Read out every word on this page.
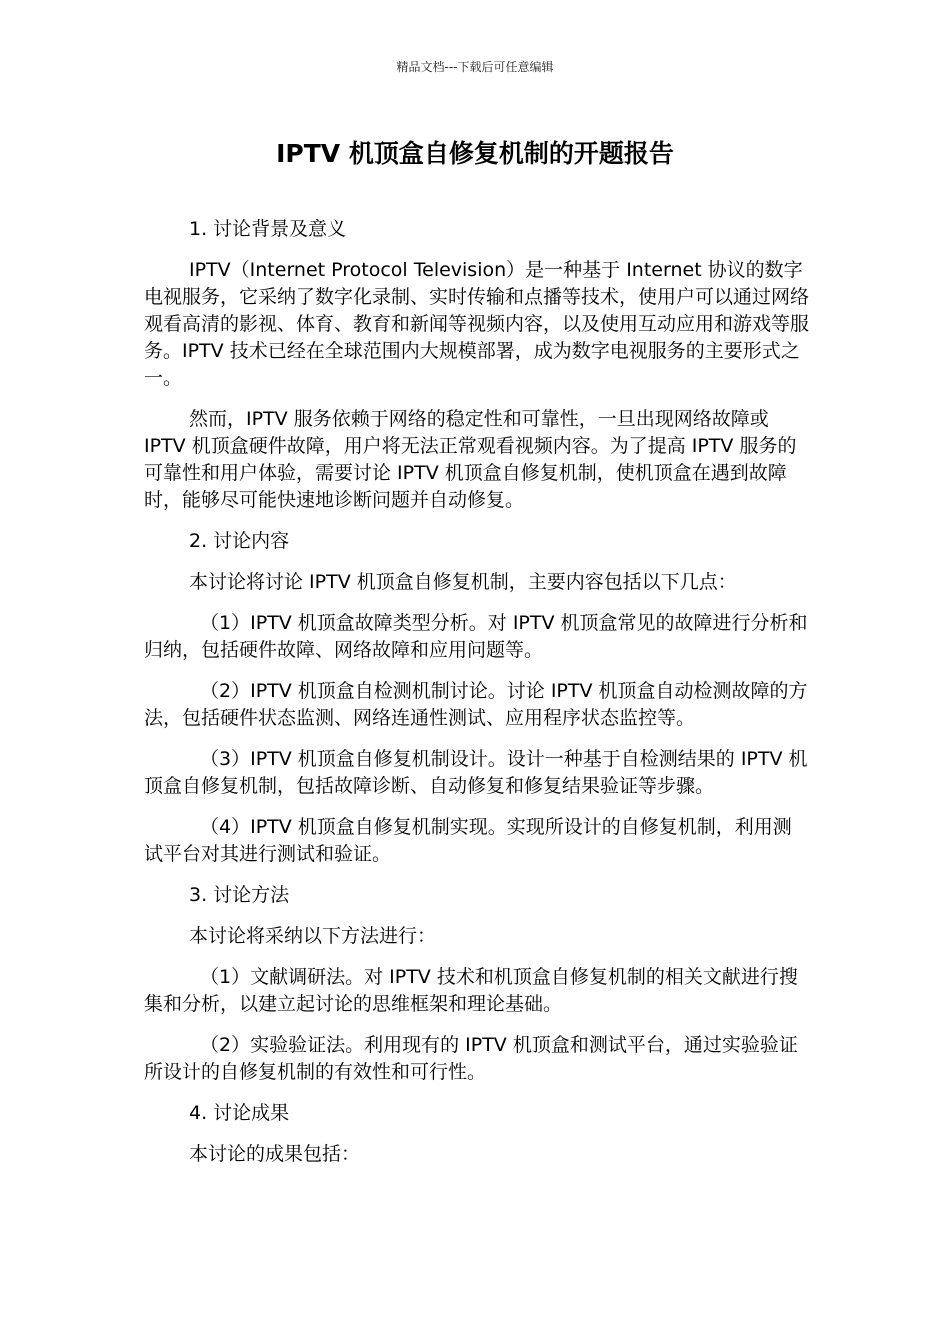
精品文档---下载后可任意编辑
IPTV 机顶盒自修复机制的开题报告

1. 讨论背景及意义

IPTV（Internet Protocol Television）是一种基于 Internet 协议的数字电视服务，它采纳了数字化录制、实时传输和点播等技术，使用户可以通过网络观看高清的影视、体育、教育和新闻等视频内容，以及使用互动应用和游戏等服务。IPTV 技术已经在全球范围内大规模部署，成为数字电视服务的主要形式之一。

然而，IPTV 服务依赖于网络的稳定性和可靠性，一旦出现网络故障或 IPTV 机顶盒硬件故障，用户将无法正常观看视频内容。为了提高 IPTV 服务的可靠性和用户体验，需要讨论 IPTV 机顶盒自修复机制，使机顶盒在遇到故障时，能够尽可能快速地诊断问题并自动修复。

2. 讨论内容

本讨论将讨论 IPTV 机顶盒自修复机制，主要内容包括以下几点：

（1）IPTV 机顶盒故障类型分析。对 IPTV 机顶盒常见的故障进行分析和归纳，包括硬件故障、网络故障和应用问题等。

（2）IPTV 机顶盒自检测机制讨论。讨论 IPTV 机顶盒自动检测故障的方法，包括硬件状态监测、网络连通性测试、应用程序状态监控等。

（3）IPTV 机顶盒自修复机制设计。设计一种基于自检测结果的 IPTV 机顶盒自修复机制，包括故障诊断、自动修复和修复结果验证等步骤。

（4）IPTV 机顶盒自修复机制实现。实现所设计的自修复机制，利用测试平台对其进行测试和验证。

3. 讨论方法

本讨论将采纳以下方法进行：

（1）文献调研法。对 IPTV 技术和机顶盒自修复机制的相关文献进行搜集和分析，以建立起讨论的思维框架和理论基础。

（2）实验验证法。利用现有的 IPTV 机顶盒和测试平台，通过实验验证所设计的自修复机制的有效性和可行性。

4. 讨论成果

本讨论的成果包括：
